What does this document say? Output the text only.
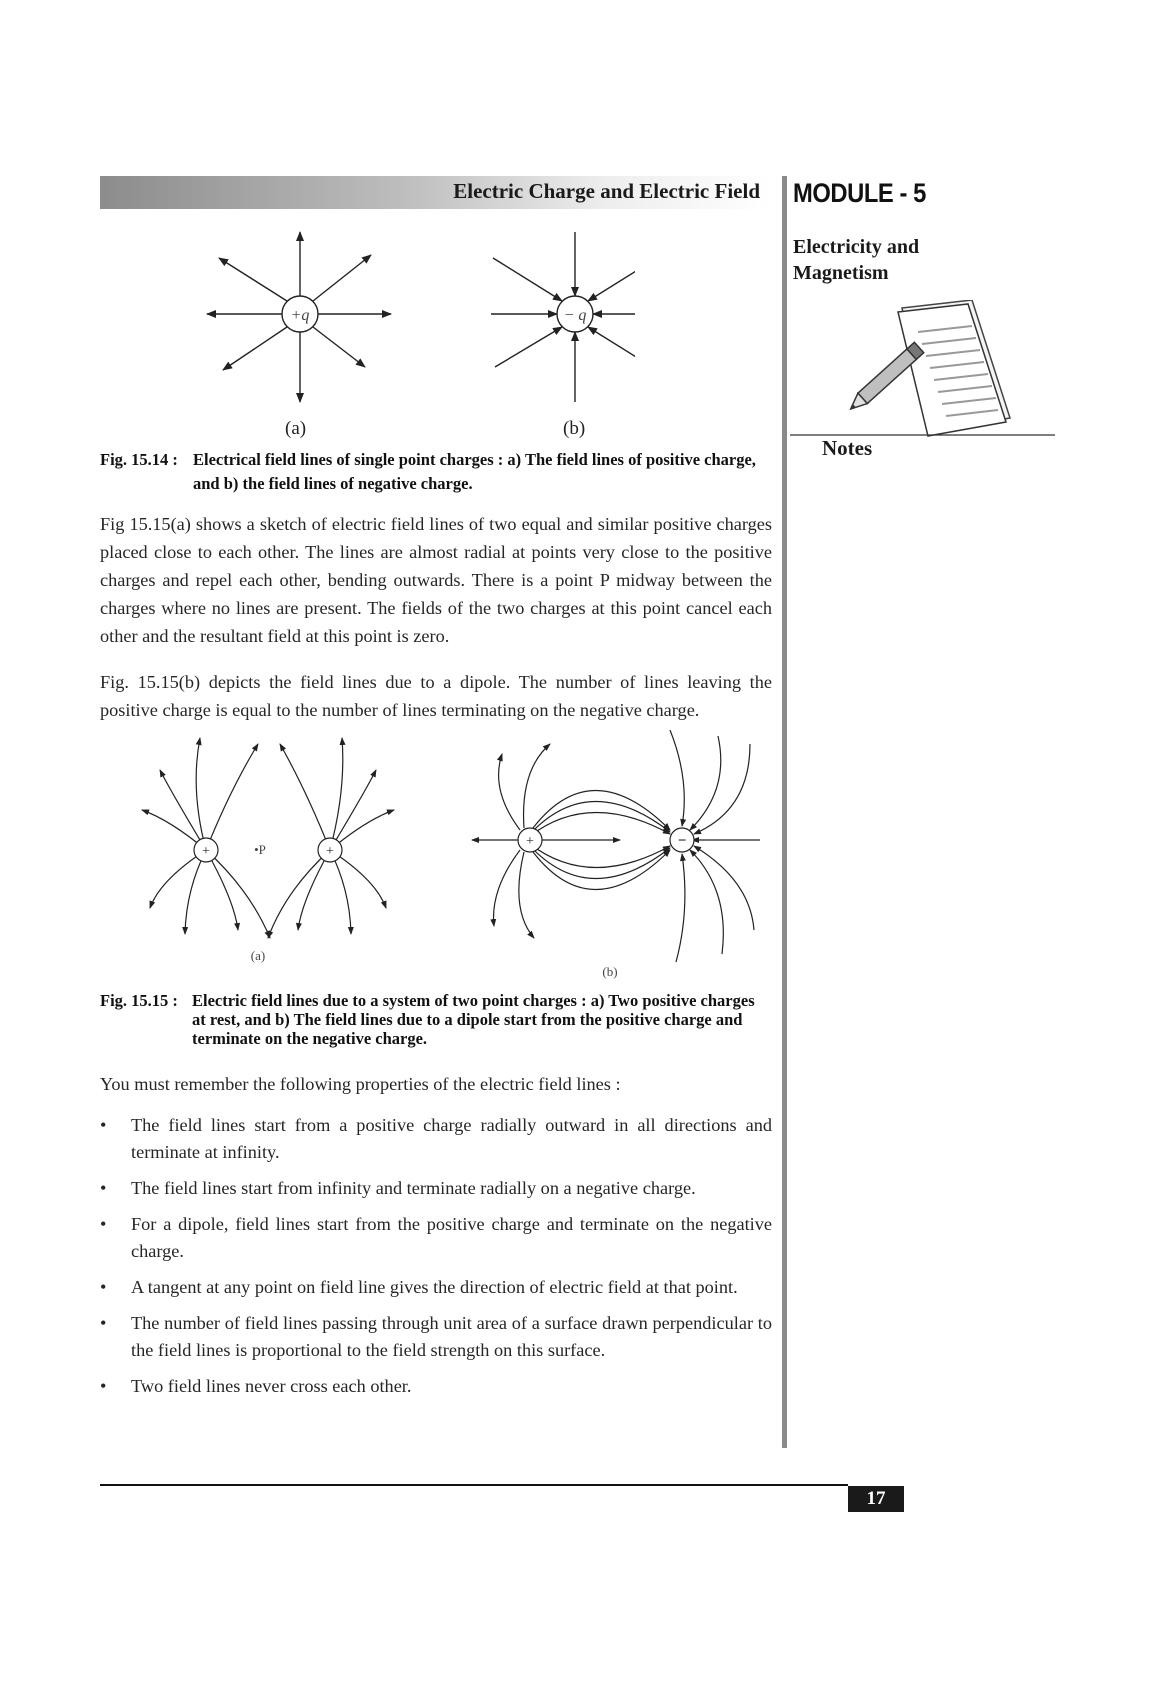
Electric Charge and Electric Field MODULE - 5
Electricity and Magnetism
Notes
+q	− q
(a)	(b)
Fig. 15.14 : Electrical field lines of single point charges : a) The field lines of positive charge, and b) the field lines of negative charge.

Fig 15.15(a) shows a sketch of electric field lines of two equal and similar positive charges placed close to each other. The lines are almost radial at points very close to the positive charges and repel each other, bending outwards. There is a point P midway between the charges where no lines are present. The fields of the two charges at this point cancel each other and the resultant field at this point is zero.

Fig. 15.15(b) depicts the field lines due to a dipole. The number of lines leaving the positive charge is equal to the number of lines terminating on the negative charge.

+	+
•P
(a)
+	−
(b)
Fig. 15.15 : Electric field lines due to a system of two point charges : a) Two positive charges at rest, and b) The field lines due to a dipole start from the positive charge and terminate on the negative charge.

You must remember the following properties of the electric field lines :

• The field lines start from a positive charge radially outward in all directions and terminate at infinity.
• The field lines start from infinity and terminate radially on a negative charge.
• For a dipole, field lines start from the positive charge and terminate on the negative charge.
• A tangent at any point on field line gives the direction of electric field at that point.
• The number of field lines passing through unit area of a surface drawn perpendicular to the field lines is proportional to the field strength on this surface.
• Two field lines never cross each other.
17
